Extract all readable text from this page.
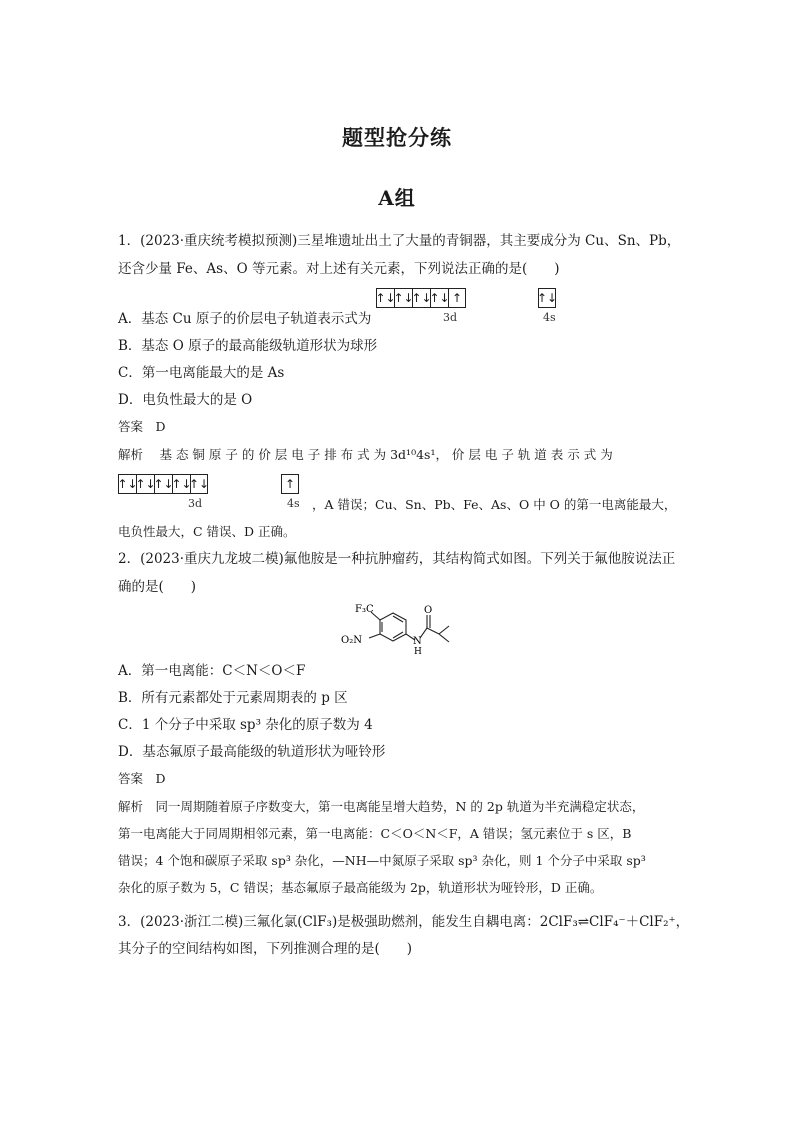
题型抢分练
A组
1．(2023·重庆统考模拟预测)三星堆遗址出土了大量的青铜器，其主要成分为 Cu、Sn、Pb，
还含少量 Fe、As、O 等元素。对上述有关元素，下列说法正确的是(　　)
A．基态 Cu 原子的价层电子轨道表示式为
↑↓
↑↓
↑↓
↑↓ ↑
3d
↑↓
4s
B．基态 O 原子的最高能级轨道形状为球形
C．第一电离能最大的是 As
D．电负性最大的是 O
答案　D
解析　 基 态 铜 原 子 的 价 层 电 子 排 布 式 为 3d¹⁰4s¹， 价 层 电 子 轨 道 表 示 式 为
↑↓
↑↓
↑↓
↑↓
↑↓
3d
↑
4s ，A 错误；Cu、Sn、Pb、Fe、As、O 中 O 的第一电离能最大，
电负性最大，C 错误、D 正确。
2．(2023·重庆九龙坡二模)氟他胺是一种抗肿瘤药，其结构简式如图。下列关于氟他胺说法正
确的是(　　)
F₃C
O₂N
O
N
H
A．第一电离能：C＜N＜O＜F
B．所有元素都处于元素周期表的 p 区
C．1 个分子中采取 sp³ 杂化的原子数为 4
D．基态氟原子最高能级的轨道形状为哑铃形
答案　D
解析　同一周期随着原子序数变大，第一电离能呈增大趋势，N 的 2p 轨道为半充满稳定状态，
第一电离能大于同周期相邻元素，第一电离能：C＜O＜N＜F，A 错误；氢元素位于 s 区，B
错误；4 个饱和碳原子采取 sp³ 杂化，—NH—中氮原子采取 sp³ 杂化，则 1 个分子中采取 sp³
杂化的原子数为 5，C 错误；基态氟原子最高能级为 2p，轨道形状为哑铃形，D 正确。
3．(2023·浙江二模)三氟化氯(ClF₃)是极强助燃剂，能发生自耦电离：2ClF₃⇌ClF₄⁻＋ClF₂⁺，
其分子的空间结构如图，下列推测合理的是(　　)
